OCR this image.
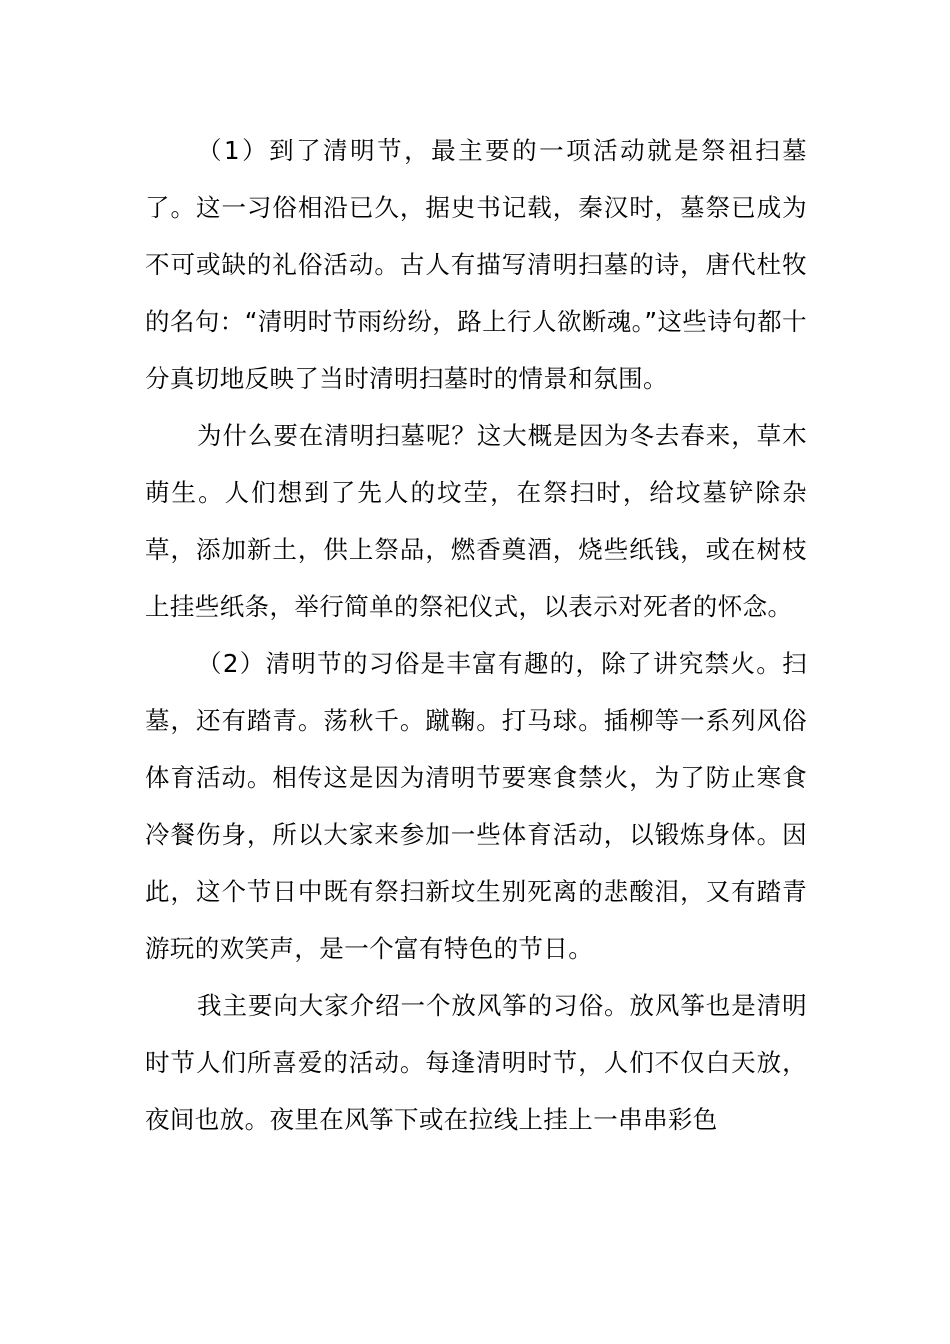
（1）到了清明节，最主要的一项活动就是祭祖扫墓了。这一习俗相沿已久，据史书记载，秦汉时，墓祭已成为不可或缺的礼俗活动。古人有描写清明扫墓的诗，唐代杜牧的名句：“清明时节雨纷纷，路上行人欲断魂。”这些诗句都十分真切地反映了当时清明扫墓时的情景和氛围。

为什么要在清明扫墓呢？这大概是因为冬去春来，草木萌生。人们想到了先人的坟茔，在祭扫时，给坟墓铲除杂草，添加新土，供上祭品，燃香奠酒，烧些纸钱，或在树枝上挂些纸条，举行简单的祭祀仪式，以表示对死者的怀念。

（2）清明节的习俗是丰富有趣的，除了讲究禁火。扫墓，还有踏青。荡秋千。蹴鞠。打马球。插柳等一系列风俗体育活动。相传这是因为清明节要寒食禁火，为了防止寒食冷餐伤身，所以大家来参加一些体育活动，以锻炼身体。因此，这个节日中既有祭扫新坟生别死离的悲酸泪，又有踏青游玩的欢笑声，是一个富有特色的节日。

我主要向大家介绍一个放风筝的习俗。放风筝也是清明时节人们所喜爱的活动。每逢清明时节，人们不仅白天放，夜间也放。夜里在风筝下或在拉线上挂上一串串彩色
